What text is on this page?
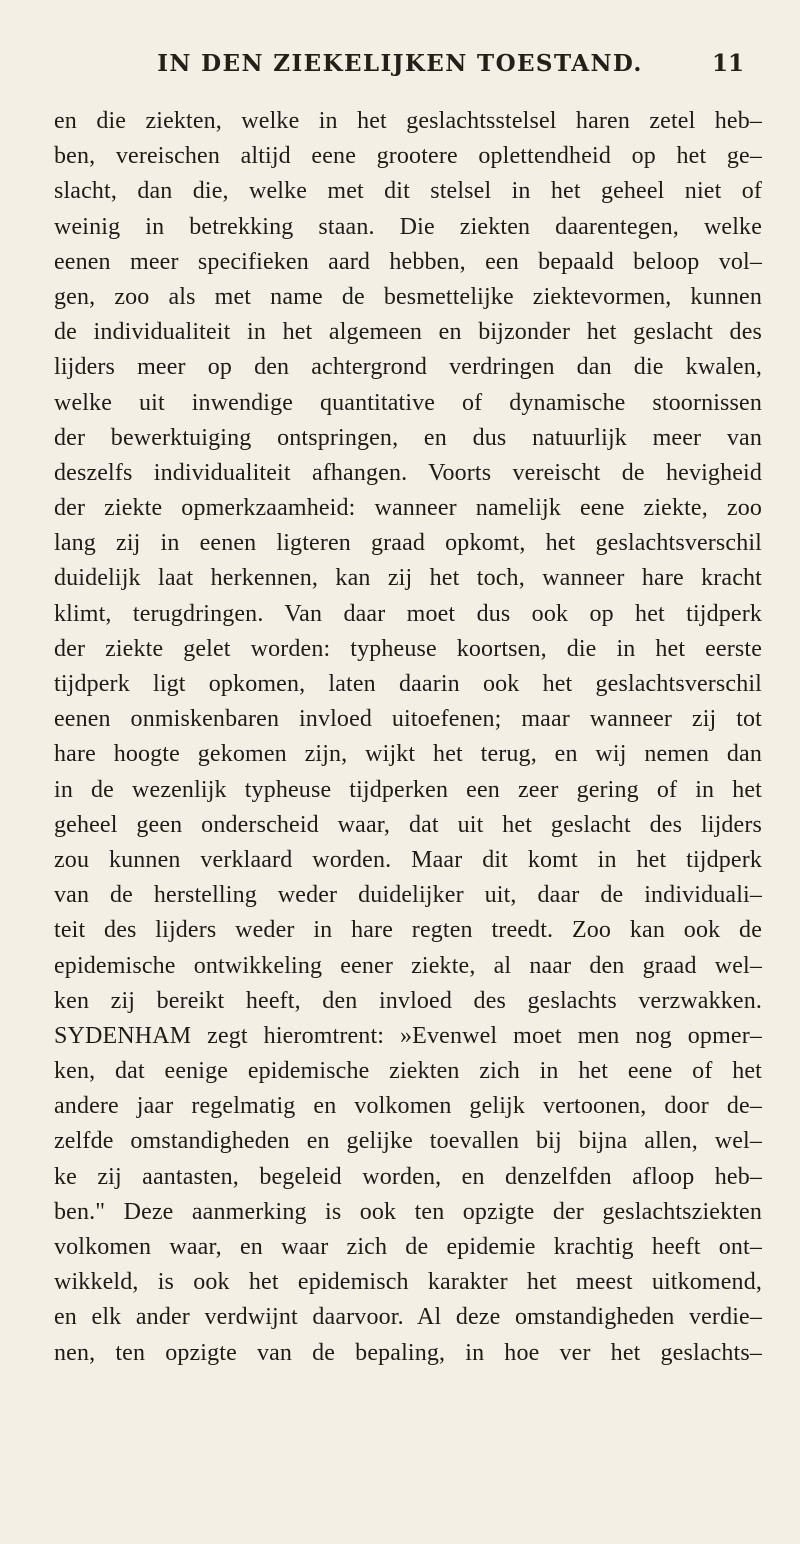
IN DEN ZIEKELIJKEN TOESTAND.	11
en die ziekten, welke in het geslachtsstelsel haren zetel heb–
ben, vereischen altijd eene grootere oplettendheid op het ge–
slacht, dan die, welke met dit stelsel in het geheel niet of
weinig in betrekking staan. Die ziekten daarentegen, welke
eenen meer specifieken aard hebben, een bepaald beloop vol–
gen, zoo als met name de besmettelijke ziektevormen, kunnen
de individualiteit in het algemeen en bijzonder het geslacht des
lijders meer op den achtergrond verdringen dan die kwalen,
welke uit inwendige quantitative of dynamische stoornissen
der bewerktuiging ontspringen, en dus natuurlijk meer van
deszelfs individualiteit afhangen. Voorts vereischt de hevigheid
der ziekte opmerkzaamheid: wanneer namelijk eene ziekte, zoo
lang zij in eenen ligteren graad opkomt, het geslachtsverschil
duidelijk laat herkennen, kan zij het toch, wanneer hare kracht
klimt, terugdringen. Van daar moet dus ook op het tijdperk
der ziekte gelet worden: typheuse koortsen, die in het eerste
tijdperk ligt opkomen, laten daarin ook het geslachtsverschil
eenen onmiskenbaren invloed uitoefenen; maar wanneer zij tot
hare hoogte gekomen zijn, wijkt het terug, en wij nemen dan
in de wezenlijk typheuse tijdperken een zeer gering of in het
geheel geen onderscheid waar, dat uit het geslacht des lijders
zou kunnen verklaard worden. Maar dit komt in het tijdperk
van de herstelling weder duidelijker uit, daar de individuali–
teit des lijders weder in hare regten treedt. Zoo kan ook de
epidemische ontwikkeling eener ziekte, al naar den graad wel–
ken zij bereikt heeft, den invloed des geslachts verzwakken.
SYDENHAM zegt hieromtrent: »Evenwel moet men nog opmer–
ken, dat eenige epidemische ziekten zich in het eene of het
andere jaar regelmatig en volkomen gelijk vertoonen, door de–
zelfde omstandigheden en gelijke toevallen bij bijna allen, wel–
ke zij aantasten, begeleid worden, en denzelfden afloop heb–
ben." Deze aanmerking is ook ten opzigte der geslachtsziekten
volkomen waar, en waar zich de epidemie krachtig heeft ont–
wikkeld, is ook het epidemisch karakter het meest uitkomend,
en elk ander verdwijnt daarvoor. Al deze omstandigheden verdie–
nen, ten opzigte van de bepaling, in hoe ver het geslachts–
